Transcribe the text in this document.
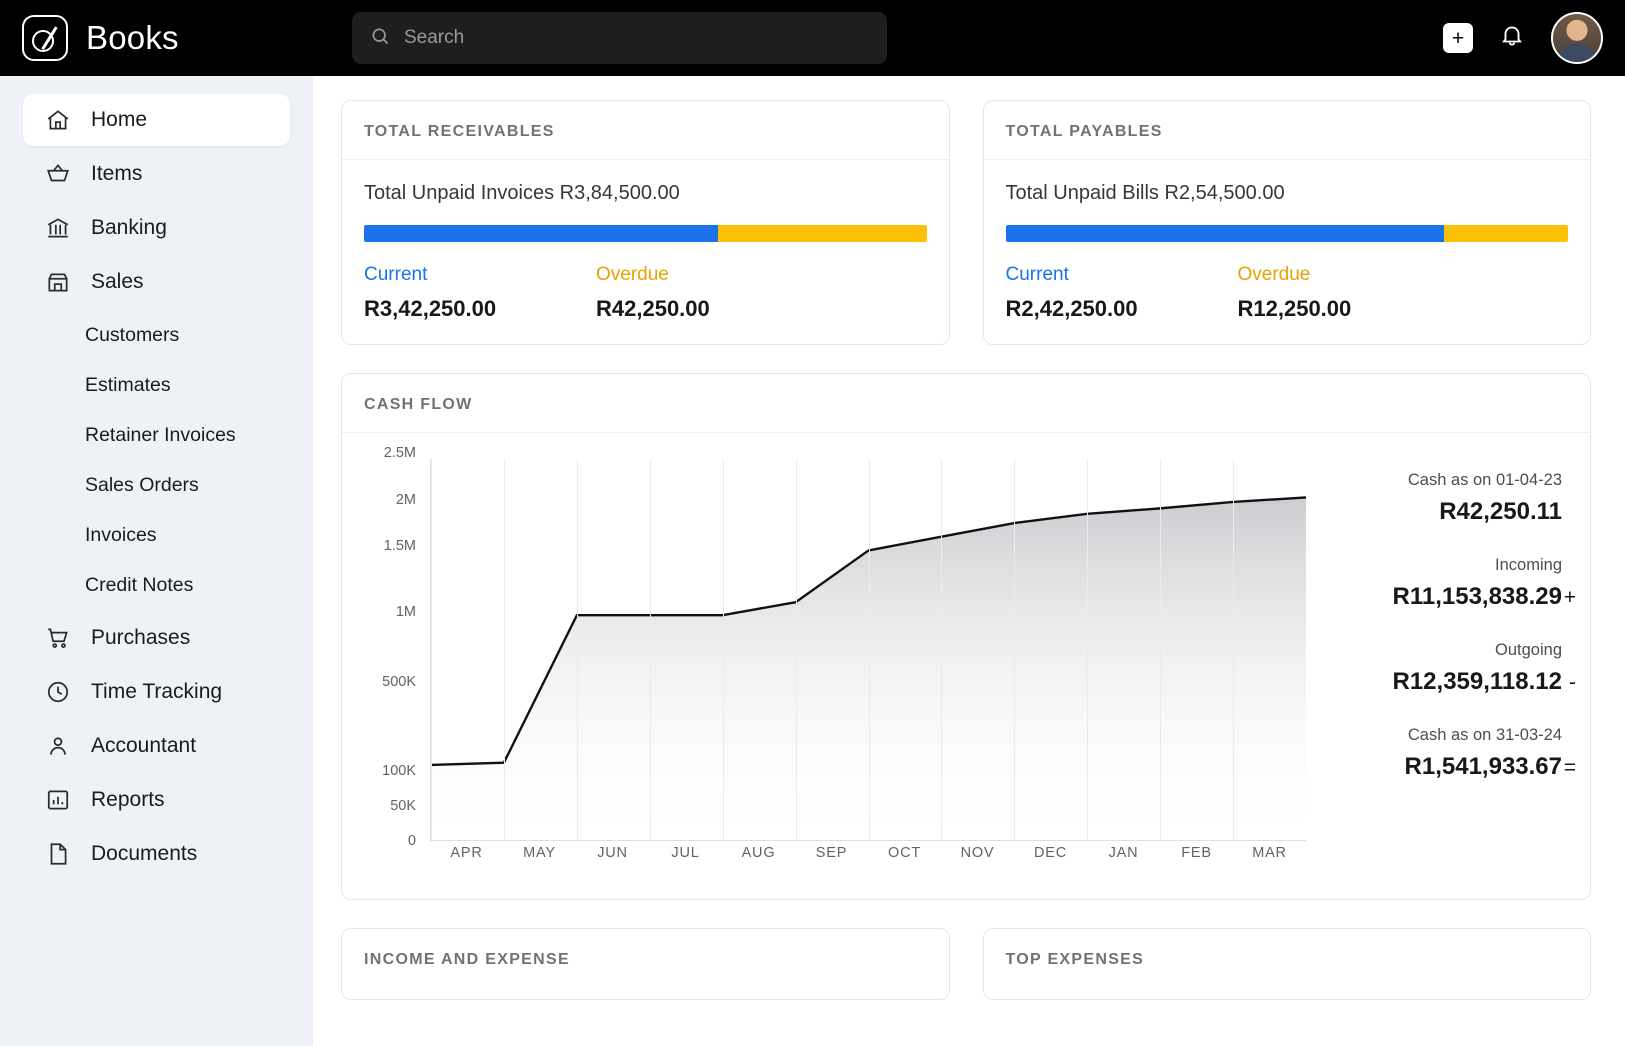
Books
Search	+
Home
Items
Banking
Sales
Customers
Estimates
Retainer Invoices
Sales Orders
Invoices
Credit Notes
Purchases
Time Tracking
Accountant
Reports
Documents
TOTAL RECEIVABLES
Total Unpaid Invoices R3,84,500.00
Current
R3,42,250.00
Overdue
R42,250.00
TOTAL PAYABLES
Total Unpaid Bills R2,54,500.00
Current
R2,42,250.00
Overdue
R12,250.00
CASH FLOW
0
50K
100K
500K
1M
1.5M
2M
2.5M
APR	MAY	JUN	JUL	AUG	SEP	OCT	NOV	DEC	JAN	FEB	MAR
Cash as on 01-04-23
R42,250.11
Incoming
R11,153,838.29 +
Outgoing
R12,359,118.12 -
Cash as on 31-03-24
R1,541,933.67 =
INCOME AND EXPENSE	TOP EXPENSES
